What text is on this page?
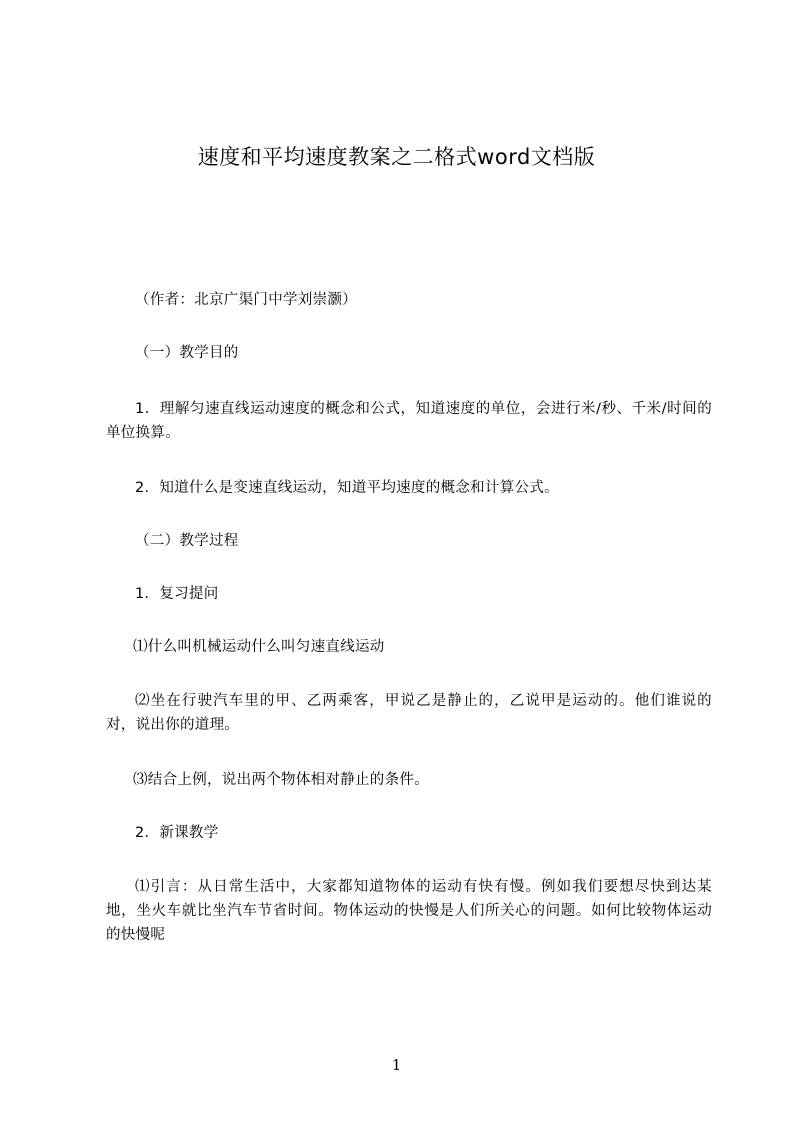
速度和平均速度教案之二格式word文档版

（作者：北京广渠门中学刘崇灏）

（一）教学目的

1．理解匀速直线运动速度的概念和公式，知道速度的单位，会进行米/秒、千米/时间的单位换算。

2．知道什么是变速直线运动，知道平均速度的概念和计算公式。

（二）教学过程

1．复习提问

⑴什么叫机械运动什么叫匀速直线运动

⑵坐在行驶汽车里的甲、乙两乘客，甲说乙是静止的，乙说甲是运动的。他们谁说的对，说出你的道理。

⑶结合上例，说出两个物体相对静止的条件。

2．新课教学

⑴引言：从日常生活中，大家都知道物体的运动有快有慢。例如我们要想尽快到达某地，坐火车就比坐汽车节省时间。物体运动的快慢是人们所关心的问题。如何比较物体运动的快慢呢

1
